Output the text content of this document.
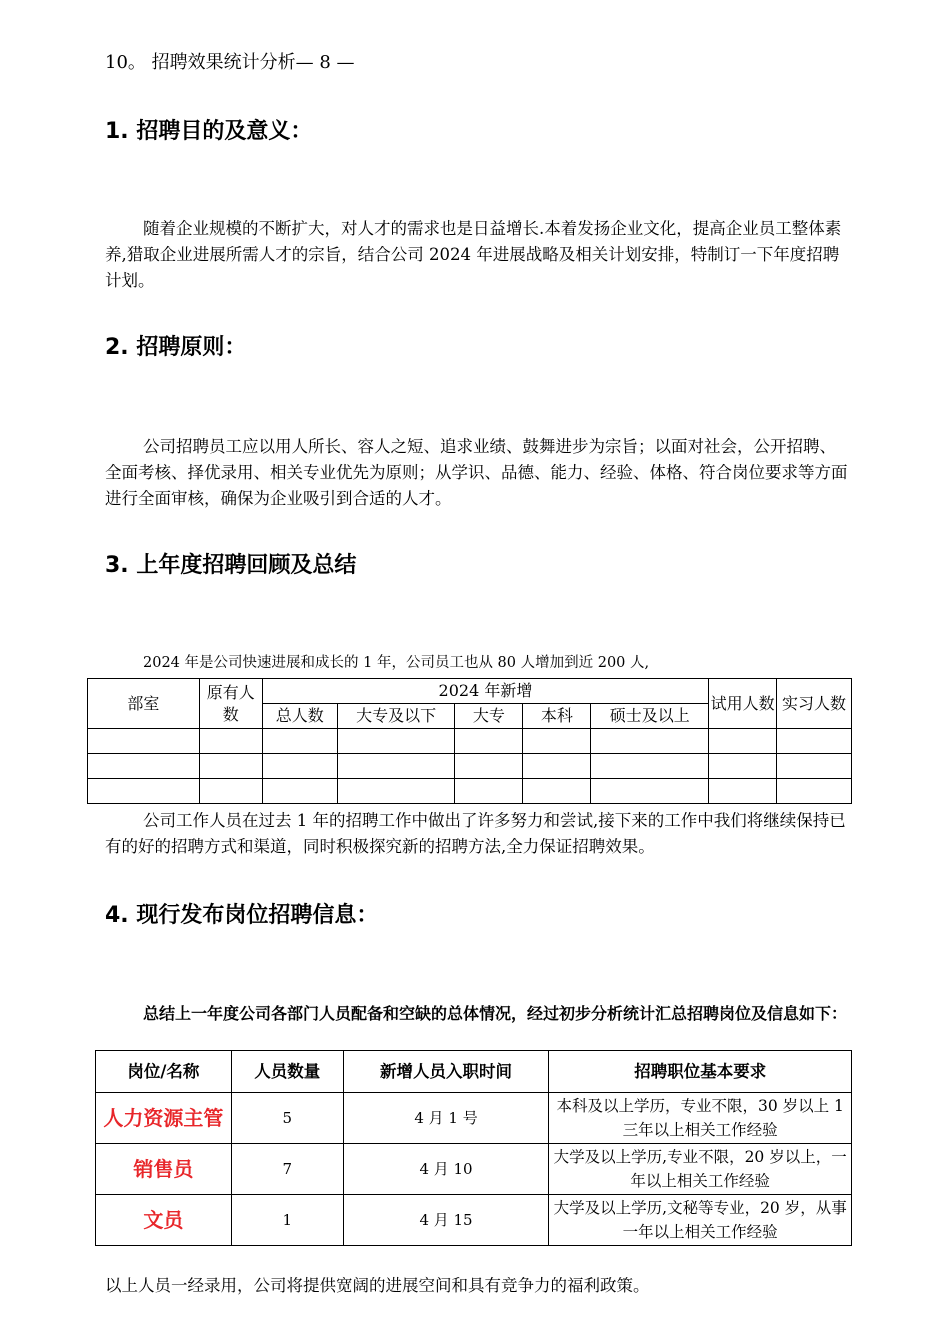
10。 招聘效果统计分析— 8 —
1. 招聘目的及意义：
随着企业规模的不断扩大，对人才的需求也是日益增长.本着发扬企业文化，提高企业员工整体素养,猎取企业进展所需人才的宗旨，结合公司 2024 年进展战略及相关计划安排，特制订一下年度招聘计划。
2. 招聘原则：
公司招聘员工应以用人所长、容人之短、追求业绩、鼓舞进步为宗旨；以面对社会，公开招聘、全面考核、择优录用、相关专业优先为原则；从学识、品德、能力、经验、体格、符合岗位要求等方面进行全面审核，确保为企业吸引到合适的人才。
3. 上年度招聘回顾及总结
2024 年是公司快速进展和成长的 1 年，公司员工也从 80 人增加到近 200 人,
部室	原有人数	2024 年新增					试用人数	实习人数
		总人数	大专及以下	大专	本科	硕士及以上		

公司工作人员在过去 1 年的招聘工作中做出了许多努力和尝试,接下来的工作中我们将继续保持已有的好的招聘方式和渠道，同时积极探究新的招聘方法,全力保证招聘效果。
4. 现行发布岗位招聘信息：
总结上一年度公司各部门人员配备和空缺的总体情况，经过初步分析统计汇总招聘岗位及信息如下：
岗位/名称	人员数量	新增人员入职时间	招聘职位基本要求
人力资源主管	5	4 月 1 号	本科及以上学历，专业不限，30 岁以上 1 三年以上相关工作经验
销售员	7	4 月 10	大学及以上学历,专业不限，20 岁以上，一年以上相关工作经验
文员	1	4 月 15	大学及以上学历,文秘等专业，20 岁，从事一年以上相关工作经验
以上人员一经录用，公司将提供宽阔的进展空间和具有竞争力的福利政策。
